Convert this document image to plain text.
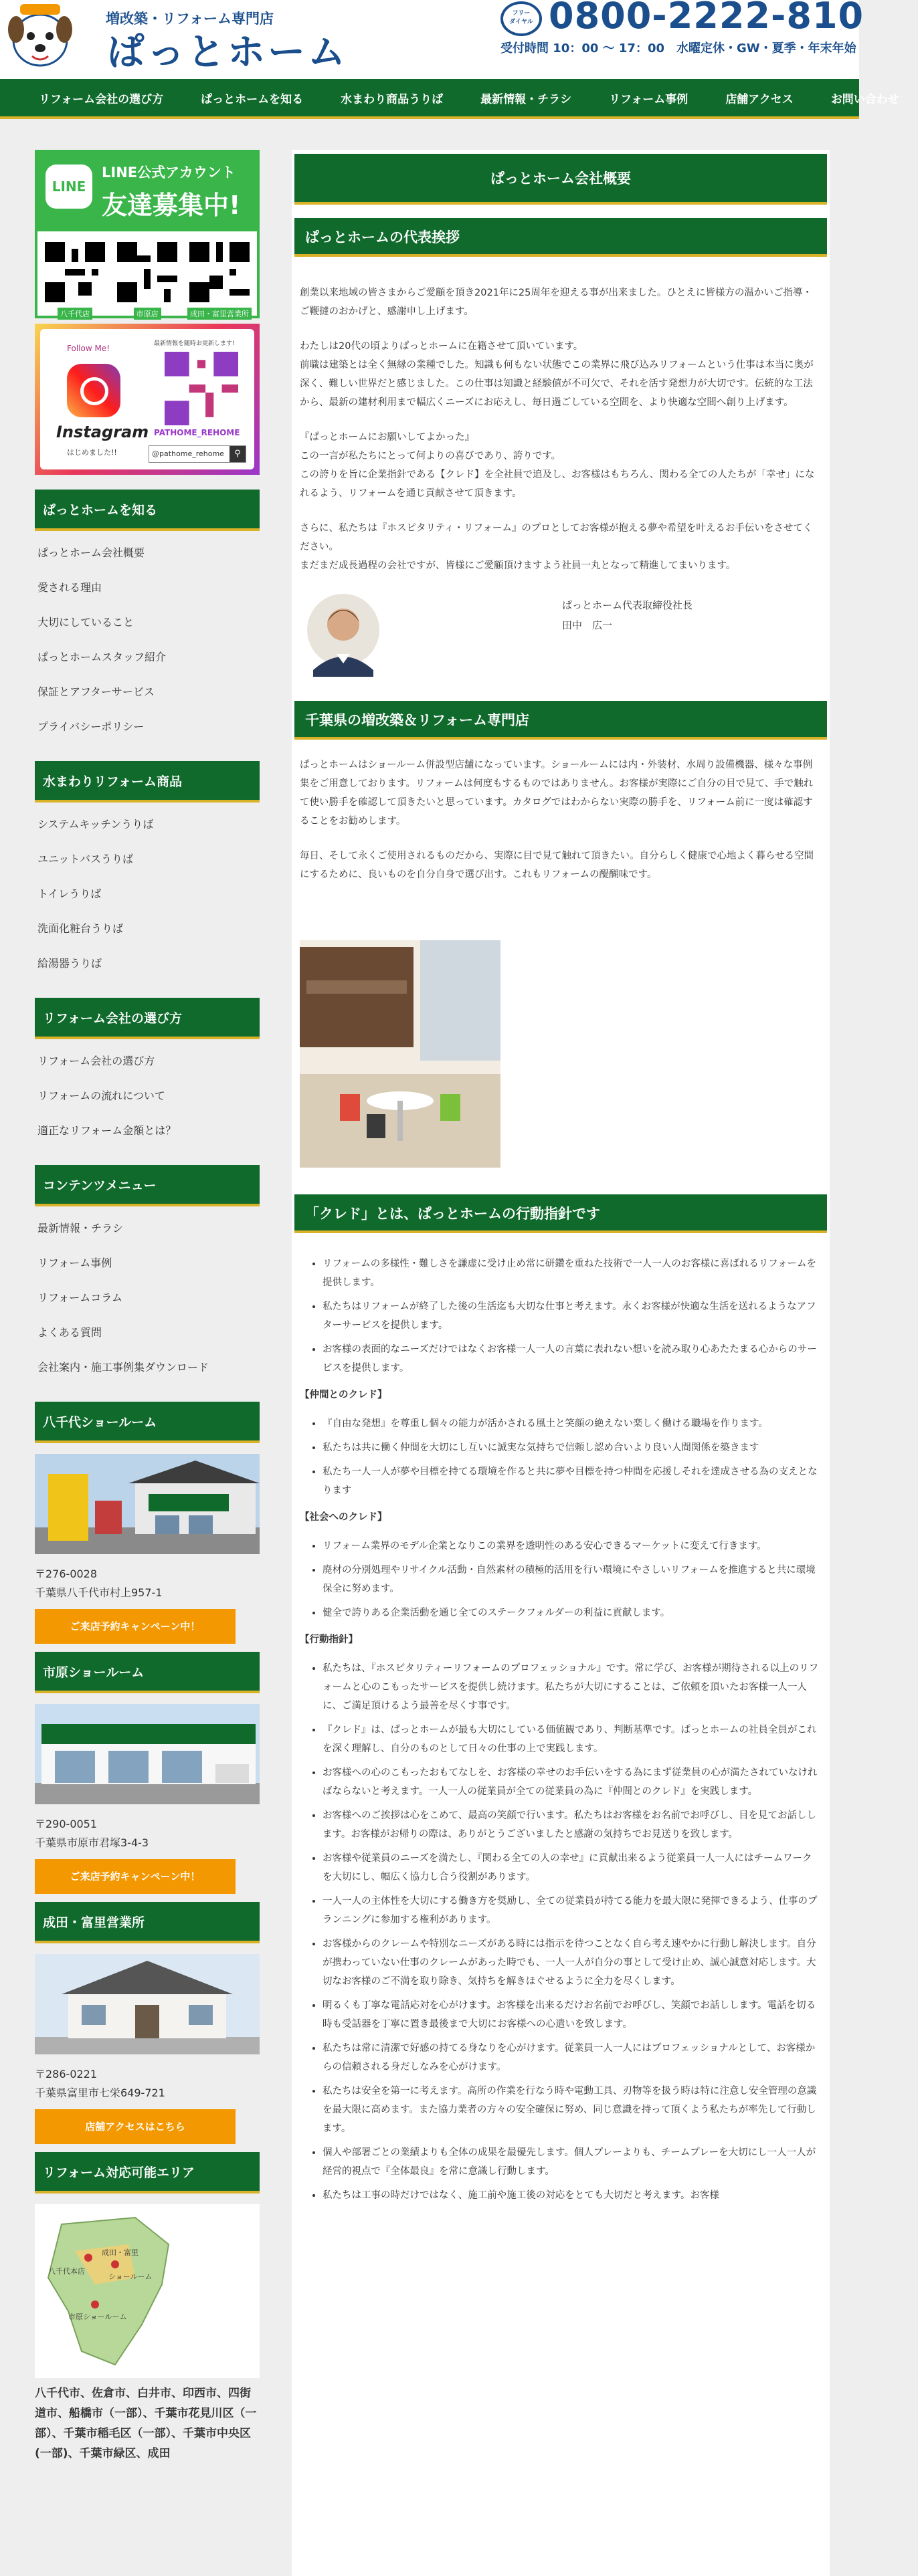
増改築・リフォーム専門店
ぱっとホーム
フリー
ダイヤル 0800-2222-810
受付時間 10：00 〜 17：00　水曜定休・GW・夏季・年末年始
リフォーム会社の選び方	ぱっとホームを知る	水まわり商品うりば	最新情報・チラシ	リフォーム事例	店舗アクセス	お問い合わせ
LINE
LINE公式アカウント
友達募集中!
八千代店	市原店	成田・富里営業所
Follow Me!
Instagram
はじめました!!
最新情報を随時お更新します!
PATHOME_REHOME
@pathome_rehome	⚲
ぱっとホームを知る
ぱっとホーム会社概要
愛される理由
大切にしていること
ぱっとホームスタッフ紹介
保証とアフターサービス
プライバシーポリシー
水まわりリフォーム商品
システムキッチンうりば
ユニットバスうりば
トイレうりば
洗面化粧台うりば
給湯器うりば
リフォーム会社の選び方
リフォーム会社の選び方
リフォームの流れについて
適正なリフォーム金額とは？
コンテンツメニュー
最新情報・チラシ
リフォーム事例
リフォームコラム
よくある質問
会社案内・施工事例集ダウンロード
八千代ショールーム
〒276-0028
千葉県八千代市村上957-1
ご来店予約キャンペーン中！
市原ショールーム
〒290-0051
千葉県市原市君塚3-4-3
ご来店予約キャンペーン中！
成田・富里営業所
〒286-0221
千葉県富里市七栄649-721
店舗アクセスはこちら
リフォーム対応可能エリア
成田・富里
八千代本店
ショールーム
市原ショールーム
八千代市、佐倉市、白井市、印西市、四街道市、船橋市（一部）、千葉市花見川区（一部）、千葉市稲毛区（一部）、千葉市中央区(一部)、千葉市緑区、成田
ぱっとホーム会社概要
ぱっとホームの代表挨拶

創業以来地域の皆さまからご愛顧を頂き2021年に25周年を迎える事が出来ました。ひとえに皆様方の温かいご指導・ご鞭撻のおかげと、感謝申し上げます。

わたしは20代の頃よりぱっとホームに在籍させて頂いています。
前職は建築とは全く無縁の業種でした。知識も何もない状態でこの業界に飛び込みリフォームという仕事は本当に奥が深く、難しい世界だと感じました。この仕事は知識と経験値が不可欠で、それを活す発想力が大切です。伝統的な工法から、最新の建材利用まで幅広くニーズにお応えし、毎日過ごしている空間を、より快適な空間へ創り上げます。

『ぱっとホームにお願いしてよかった』
この一言が私たちにとって何よりの喜びであり、誇りです。
この誇りを旨に企業指針である【クレド】を全社員で追及し、お客様はもちろん、関わる全ての人たちが「幸せ」になれるよう、リフォームを通じ貢献させて頂きます。

さらに、私たちは『ホスピタリティ・リフォーム』のプロとしてお客様が抱える夢や希望を叶えるお手伝いをさせてください。
まだまだ成長過程の会社ですが、皆様にご愛顧頂けますよう社員一丸となって精進してまいります。

ぱっとホーム代表取締役社長
田中　広一
千葉県の増改築＆リフォーム専門店

ぱっとホームはショールーム併設型店舗になっています。ショールームには内・外装材、水周り設備機器、様々な事例集をご用意しております。リフォームは何度もするものではありません。お客様が実際にご自分の目で見て、手で触れて使い勝手を確認して頂きたいと思っています。カタログではわからない実際の勝手を、リフォーム前に一度は確認することをお勧めします。

毎日、そして永くご使用されるものだから、実際に目で見て触れて頂きたい。自分らしく健康で心地よく暮らせる空間にするために、良いものを自分自身で選び出す。これもリフォームの醍醐味です。

「クレド」とは、ぱっとホームの行動指針です
• リフォームの多様性・難しさを謙虚に受け止め常に研鑽を重ねた技術で一人一人のお客様に喜ばれるリフォームを提供します。
• 私たちはリフォームが終了した後の生活迄も大切な仕事と考えます。永くお客様が快適な生活を送れるようなアフターサービスを提供します。
• お客様の表面的なニーズだけではなくお客様一人一人の言葉に表れない想いを読み取り心あたたまる心からのサービスを提供します。
【仲間とのクレド】
• 『自由な発想』を尊重し個々の能力が活かされる風土と笑顔の絶えない楽しく働ける職場を作ります。
• 私たちは共に働く仲間を大切にし互いに誠実な気持ちで信頼し認め合いより良い人間関係を築きます
• 私たち一人一人が夢や目標を持てる環境を作ると共に夢や目標を持つ仲間を応援しそれを達成させる為の支えとなります
【社会へのクレド】
• リフォーム業界のモデル企業となりこの業界を透明性のある安心できるマーケットに変えて行きます。
• 廃材の分別処理やリサイクル活動・自然素材の積極的活用を行い環境にやさしいリフォームを推進すると共に環境保全に努めます。
• 健全で誇りある企業活動を通じ全てのステークフォルダーの利益に貢献します。
【行動指針】
• 私たちは、『ホスピタリティーリフォームのプロフェッショナル』です。常に学び、お客様が期待される以上のリフォームと心のこもったサービスを提供し続けます。私たちが大切にすることは、ご依頼を頂いたお客様一人一人に、ご満足頂けるよう最善を尽くす事です。
• 『クレド』は、ぱっとホームが最も大切にしている価値観であり、判断基準です。ぱっとホームの社員全員がこれを深く理解し、自分のものとして日々の仕事の上で実践します。
• お客様への心のこもったおもてなしを、お客様の幸せのお手伝いをする為にまず従業員の心が満たされていなければならないと考えます。一人一人の従業員が全ての従業員の為に『仲間とのクレド』を実践します。
• お客様へのご挨拶は心をこめて、最高の笑顔で行います。私たちはお客様をお名前でお呼びし、目を見てお話しします。お客様がお帰りの際は、ありがとうございましたと感謝の気持ちでお見送りを致します。
• お客様や従業員のニーズを満たし、『関わる全ての人の幸せ』に貢献出来るよう従業員一人一人にはチームワークを大切にし、幅広く協力し合う役割があります。
• 一人一人の主体性を大切にする働き方を奨励し、全ての従業員が持てる能力を最大限に発揮できるよう、仕事のプランニングに参加する権利があります。
• お客様からのクレームや特別なニーズがある時には指示を待つことなく自ら考え速やかに行動し解決します。自分が携わっていない仕事のクレームがあった時でも、一人一人が自分の事として受け止め、誠心誠意対応します。大切なお客様のご不満を取り除き、気持ちを解きほぐせるように全力を尽くします。
• 明るくも丁寧な電話応対を心がけます。お客様を出来るだけお名前でお呼びし、笑顔でお話しします。電話を切る時も受話器を丁寧に置き最後まで大切にお客様への心遣いを致します。
• 私たちは常に清潔で好感の持てる身なりを心がけます。従業員一人一人にはプロフェッショナルとして、お客様からの信頼される身だしなみを心がけます。
• 私たちは安全を第一に考えます。高所の作業を行なう時や電動工具、刃物等を扱う時は特に注意し安全管理の意識を最大限に高めます。また協力業者の方々の安全確保に努め、同じ意識を持って頂くよう私たちが率先して行動します。
• 個人や部署ごとの業績よりも全体の成果を最優先します。個人プレーよりも、チームプレーを大切にし一人一人が経営的視点で『全体最良』を常に意識し行動します。
• 私たちは工事の時だけではなく、施工前や施工後の対応をとても大切だと考えます。お客様
